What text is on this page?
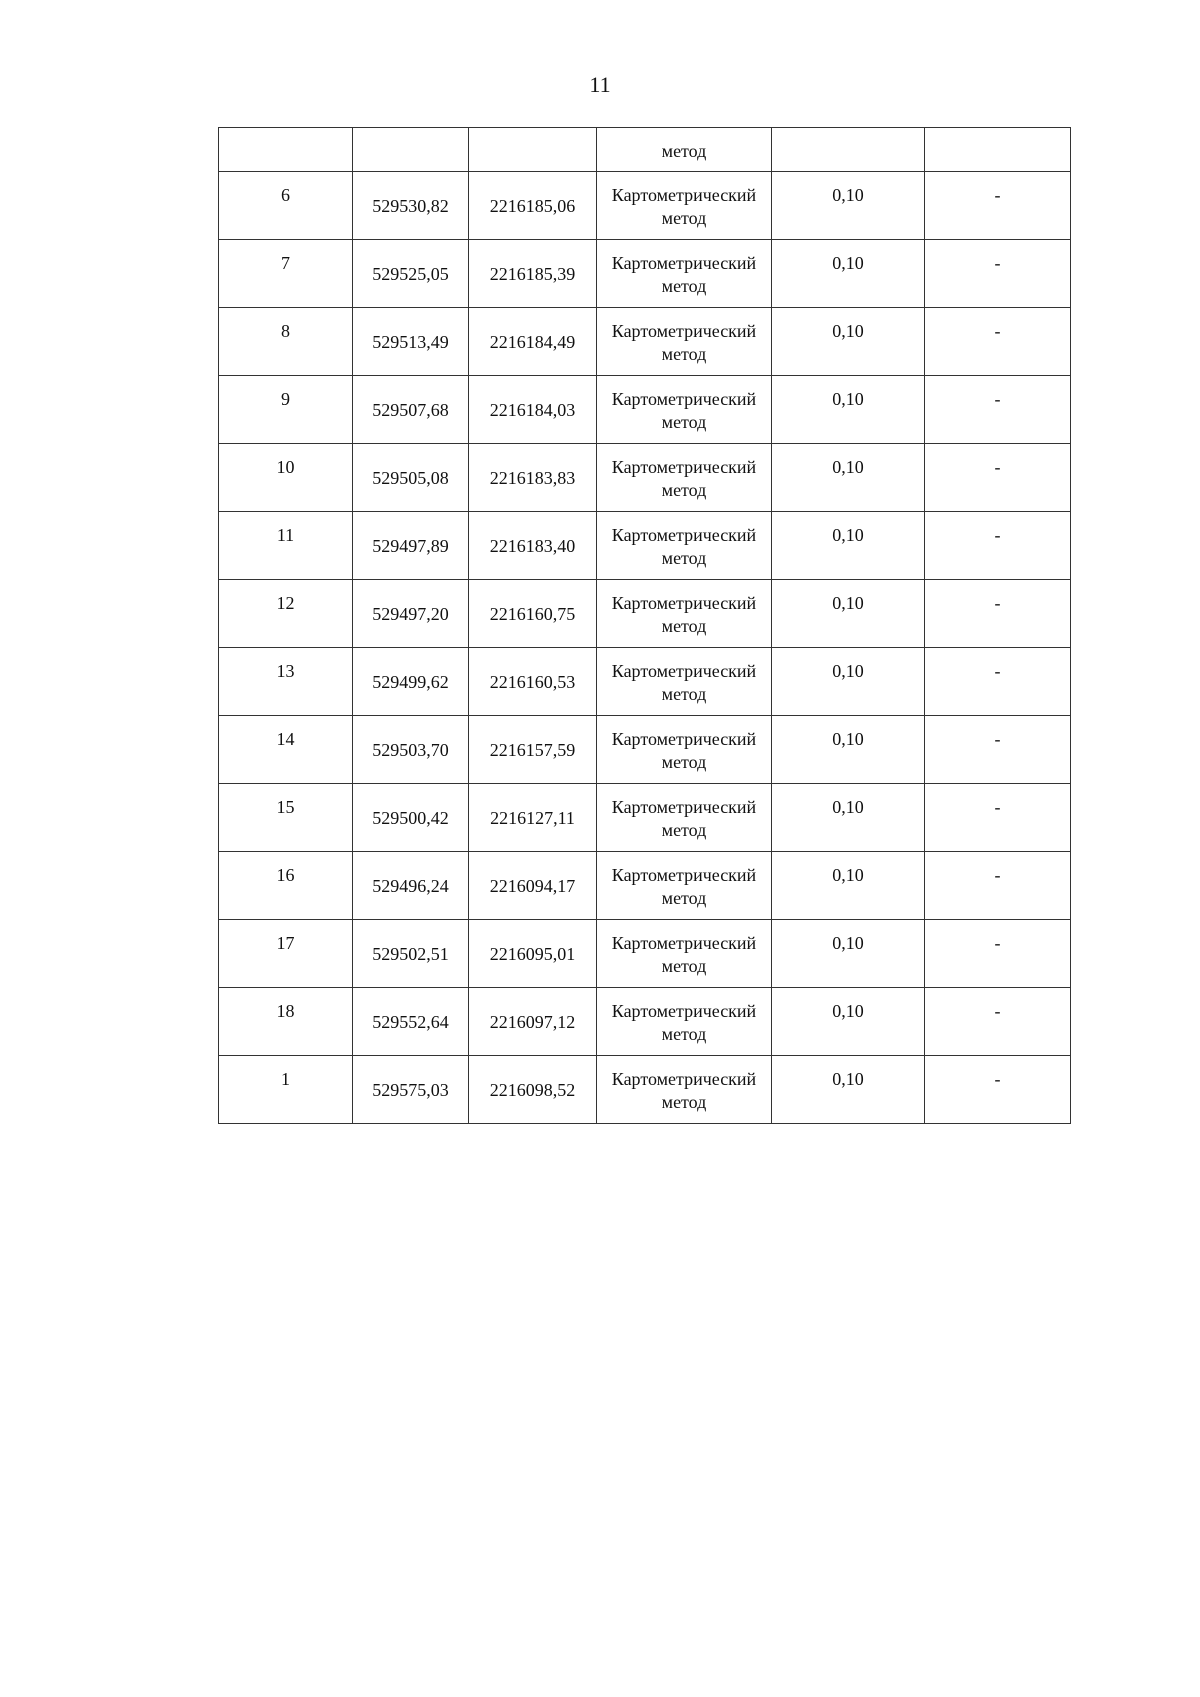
11

			метод		

6	529530,82	2216185,06	Картометрический
метод	0,10	-

7	529525,05	2216185,39	Картометрический
метод	0,10	-

8	529513,49	2216184,49	Картометрический
метод	0,10	-

9	529507,68	2216184,03	Картометрический
метод	0,10	-

10	529505,08	2216183,83	Картометрический
метод	0,10	-

11	529497,89	2216183,40	Картометрический
метод	0,10	-

12	529497,20	2216160,75	Картометрический
метод	0,10	-

13	529499,62	2216160,53	Картометрический
метод	0,10	-

14	529503,70	2216157,59	Картометрический
метод	0,10	-

15	529500,42	2216127,11	Картометрический
метод	0,10	-

16	529496,24	2216094,17	Картометрический
метод	0,10	-

17	529502,51	2216095,01	Картометрический
метод	0,10	-

18	529552,64	2216097,12	Картометрический
метод	0,10	-

1	529575,03	2216098,52	Картометрический
метод	0,10	-
